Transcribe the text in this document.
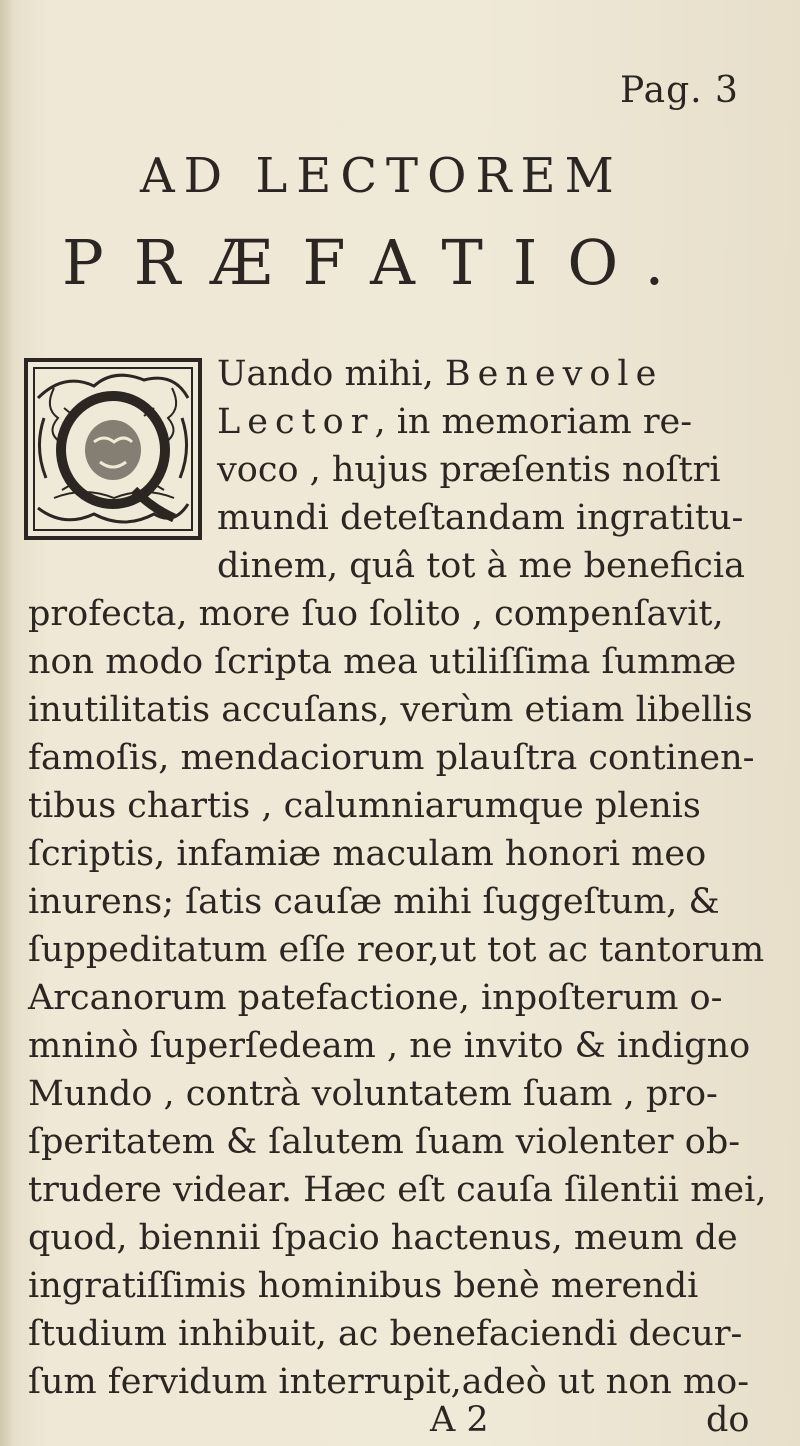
Pag. 3
AD LECTOREM
PRÆFATIO.
Uando mihi, Benevole
Lector, in memoriam re-
voco , hujus præſentis noſtri
mundi deteſtandam ingratitu-
dinem, quâ tot à me beneficia
profecta, more ſuo ſolito , compenſavit,
non modo ſcripta mea utiliſſima ſummæ
inutilitatis accuſans, verùm etiam libellis
famoſis, mendaciorum plauſtra continen-
tibus chartis , calumniarumque plenis
ſcriptis, infamiæ maculam honori meo
inurens; ſatis cauſæ mihi ſuggeſtum, &
ſuppeditatum eſſe reor,ut tot ac tantorum
Arcanorum patefactione, inpoſterum o-
mninò ſuperſedeam , ne invito & indigno
Mundo , contrà voluntatem ſuam , pro-
ſperitatem & ſalutem ſuam violenter ob-
trudere videar. Hæc eſt cauſa ſilentii mei,
quod, biennii ſpacio hactenus, meum de
ingratiſſimis hominibus benè merendi
ſtudium inhibuit, ac benefaciendi decur-
ſum fervidum interrupit,adeò ut non mo-
A 2	do
